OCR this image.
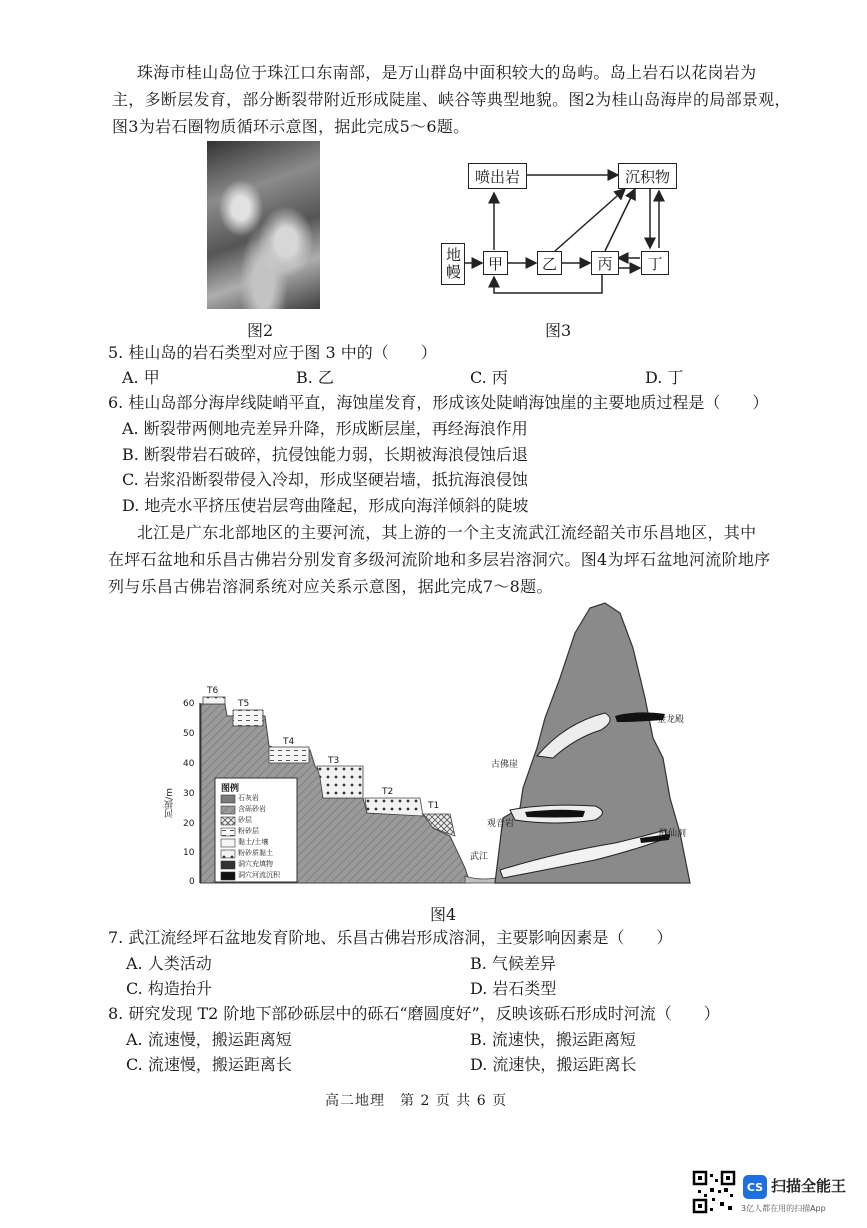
珠海市桂山岛位于珠江口东南部，是万山群岛中面积较大的岛屿。岛上岩石以花岗岩为
主，多断层发育，部分断裂带附近形成陡崖、峡谷等典型地貌。图2为桂山岛海岸的局部景观，
图3为岩石圈物质循环示意图，据此完成5～6题。
图2
喷出岩	沉积物
地幔	甲	乙	丙	丁
图3
5. 桂山岛的岩石类型对应于图 3 中的（　　）
A. 甲	B. 乙	C. 丙	D. 丁
6. 桂山岛部分海岸线陡峭平直，海蚀崖发育，形成该处陡峭海蚀崖的主要地质过程是（　　）
A. 断裂带两侧地壳差异升降，形成断层崖，再经海浪作用
B. 断裂带岩石破碎，抗侵蚀能力弱，长期被海浪侵蚀后退
C. 岩浆沿断裂带侵入冷却，形成坚硬岩墙，抵抗海浪侵蚀
D. 地壳水平挤压使岩层弯曲隆起，形成向海洋倾斜的陡坡
北江是广东北部地区的主要河流，其上游的一个主支流武江流经韶关市乐昌地区，其中
在坪石盆地和乐昌古佛岩分别发育多级河流阶地和多层岩溶洞穴。图4为坪石盆地河流阶地序
列与乐昌古佛岩溶洞系统对应关系示意图，据此完成7～8题。
60
50
40
30
20
10
0
河拔/m
T6
T5
T4
T3
T2
T1
武江
金龙殿
古佛崖
观音岩
醉仙洞
图例
石灰岩
含砾砂岩
砂层
粉砂层
黏土/土壤
粉砂质黏土
洞穴充填物
洞穴河流沉积
图4
7. 武江流经坪石盆地发育阶地、乐昌古佛岩形成溶洞，主要影响因素是（　　）
A. 人类活动	B. 气候差异
C. 构造抬升	D. 岩石类型
8. 研究发现 T2 阶地下部砂砾层中的砾石“磨圆度好”，反映该砾石形成时河流（　　）
A. 流速慢，搬运距离短	B. 流速快，搬运距离短
C. 流速慢，搬运距离长	D. 流速快，搬运距离长
高二地理　第 2 页 共 6 页
CS 扫描全能王
3亿人都在用的扫描App
